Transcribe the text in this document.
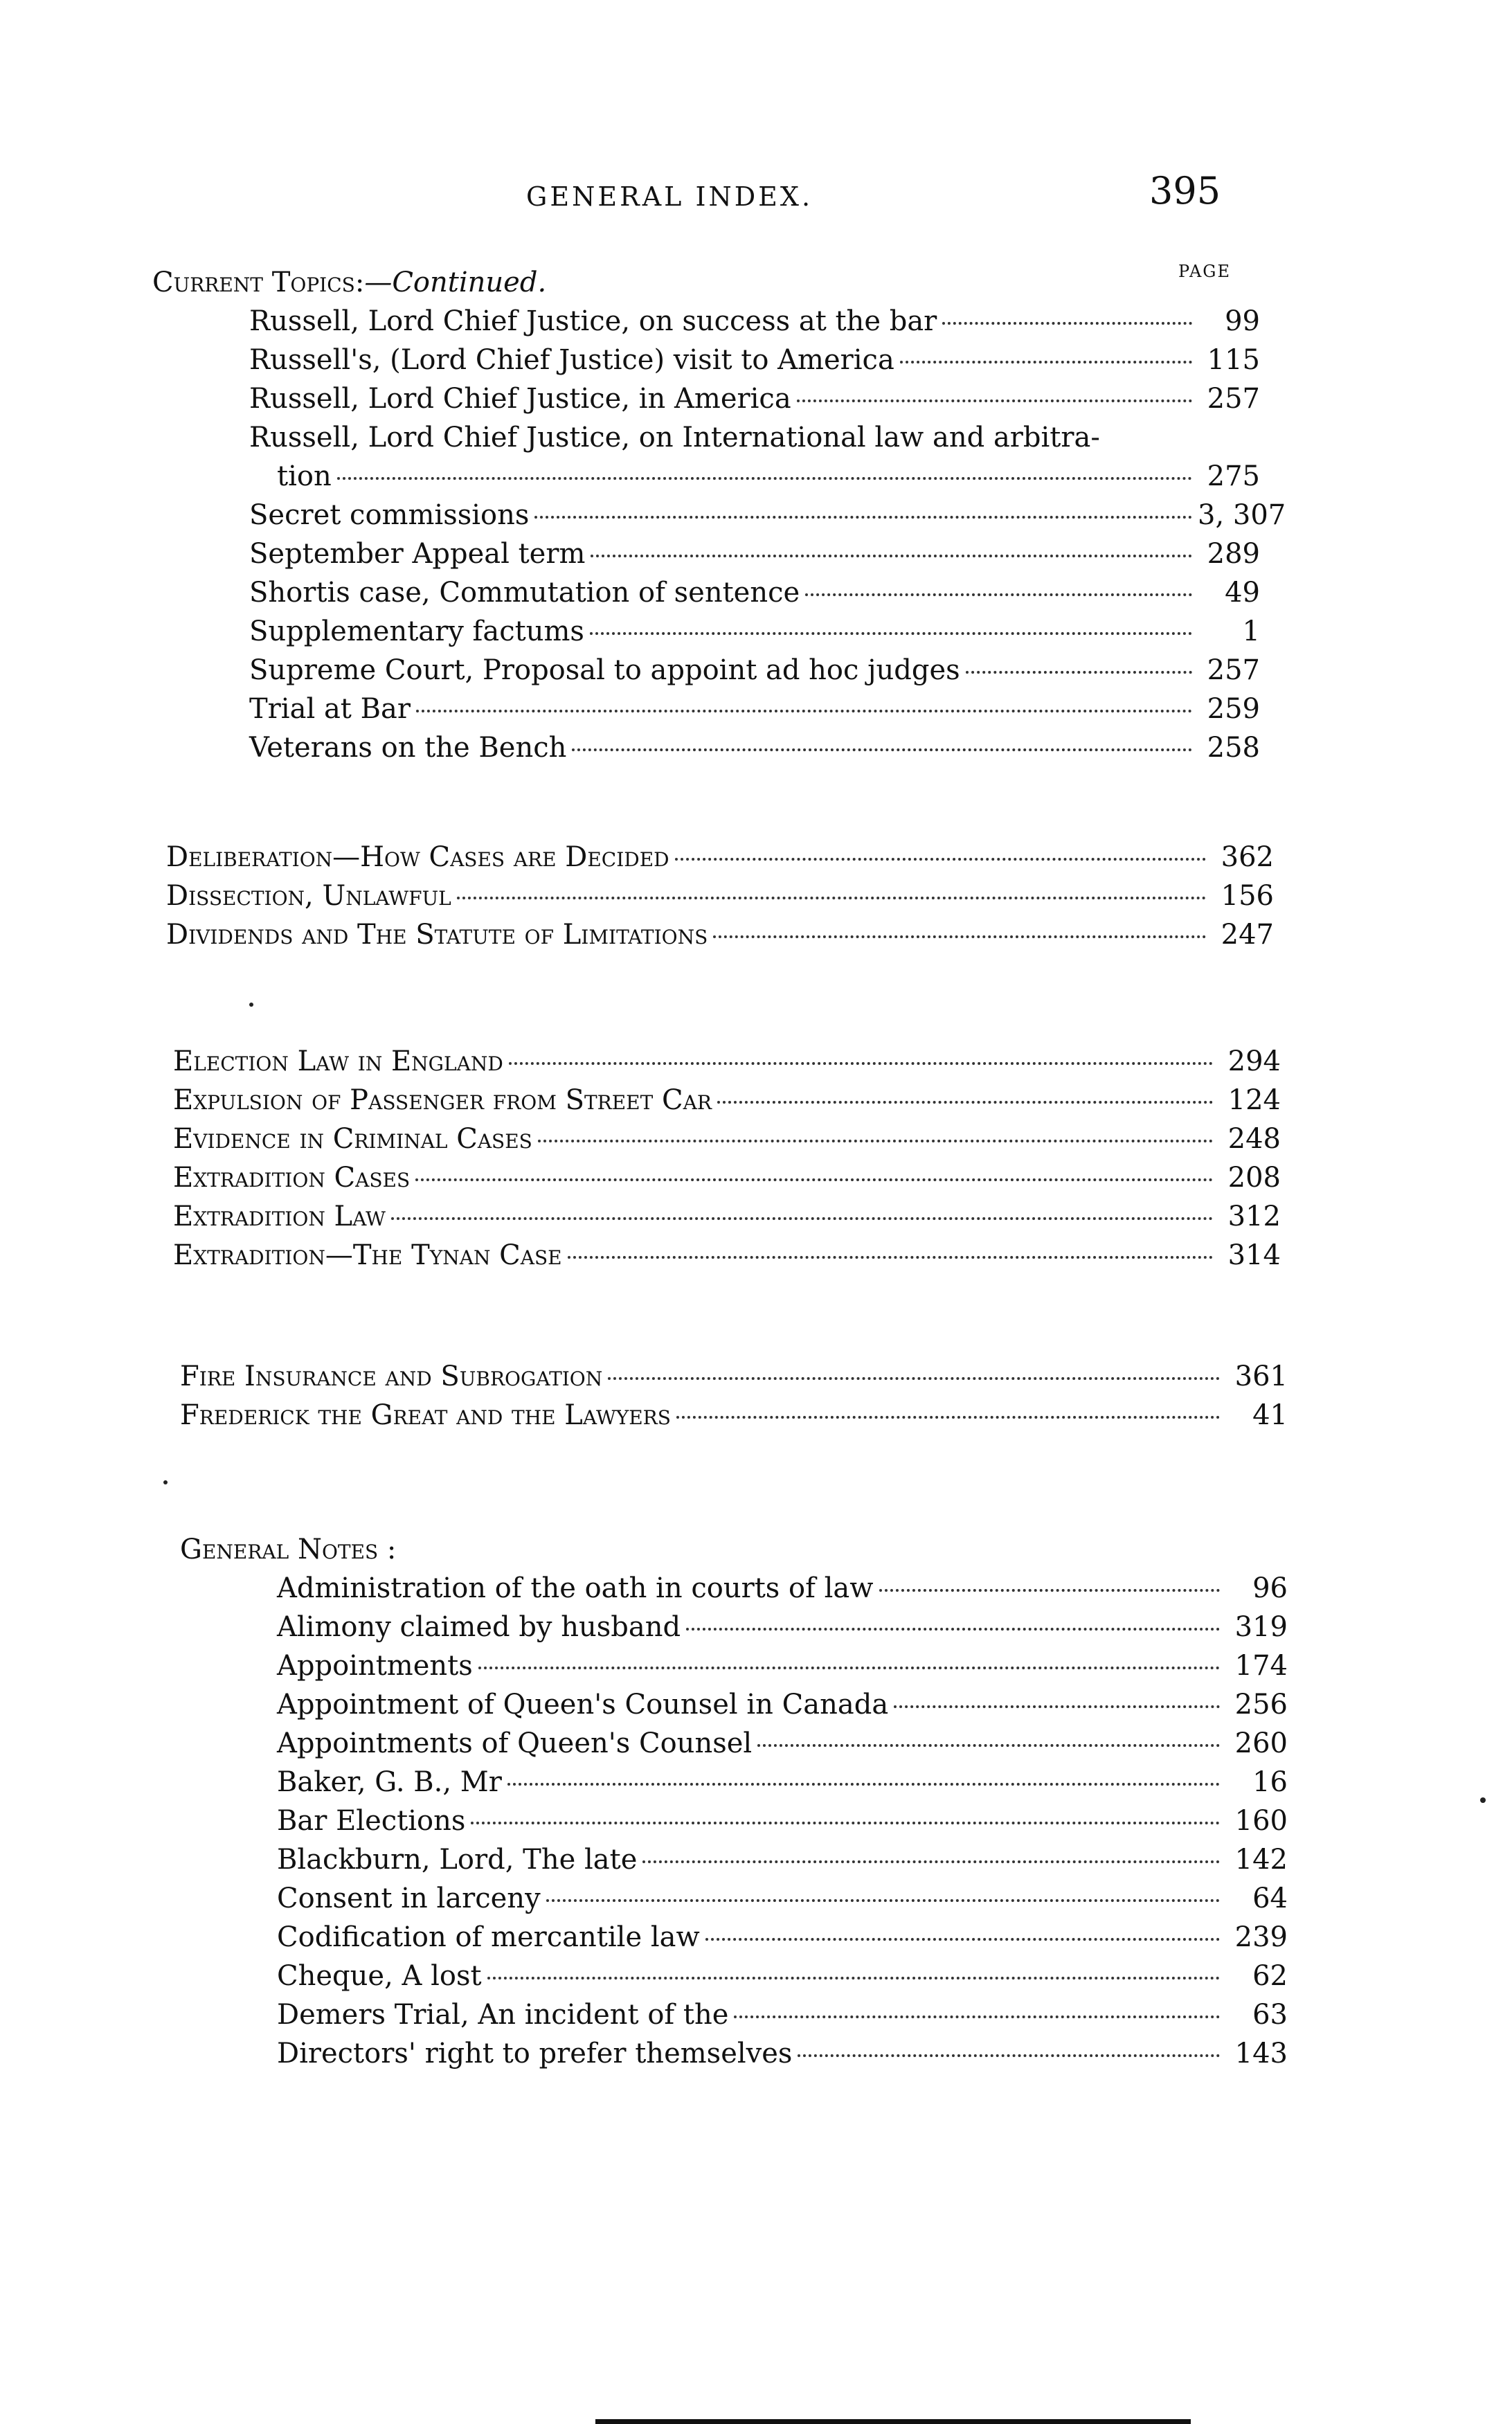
GENERAL INDEX.	395
PAGE
Current Topics:—Continued.
Russell, Lord Chief Justice, on success at the bar	99
Russell's, (Lord Chief Justice) visit to America	115
Russell, Lord Chief Justice, in America	257
Russell, Lord Chief Justice, on International law and arbitra-
tion	275
Secret commissions	3, 307
September Appeal term	289
Shortis case, Commutation of sentence	49
Supplementary factums	1
Supreme Court, Proposal to appoint ad hoc judges	257
Trial at Bar	259
Veterans on the Bench	258
Deliberation—How Cases are Decided	362
Dissection, Unlawful	156
Dividends and The Statute of Limitations	247
Election Law in England	294
Expulsion of Passenger from Street Car	124
Evidence in Criminal Cases	248
Extradition Cases	208
Extradition Law	312
Extradition—The Tynan Case	314
Fire Insurance and Subrogation	361
Frederick the Great and the Lawyers	41
General Notes :
Administration of the oath in courts of law	96
Alimony claimed by husband	319
Appointments	174
Appointment of Queen's Counsel in Canada	256
Appointments of Queen's Counsel	260
Baker, G. B., Mr	16
Bar Elections	160
Blackburn, Lord, The late	142
Consent in larceny	64
Codification of mercantile law	239
Cheque, A lost	62
Demers Trial, An incident of the	63
Directors' right to prefer themselves	143
